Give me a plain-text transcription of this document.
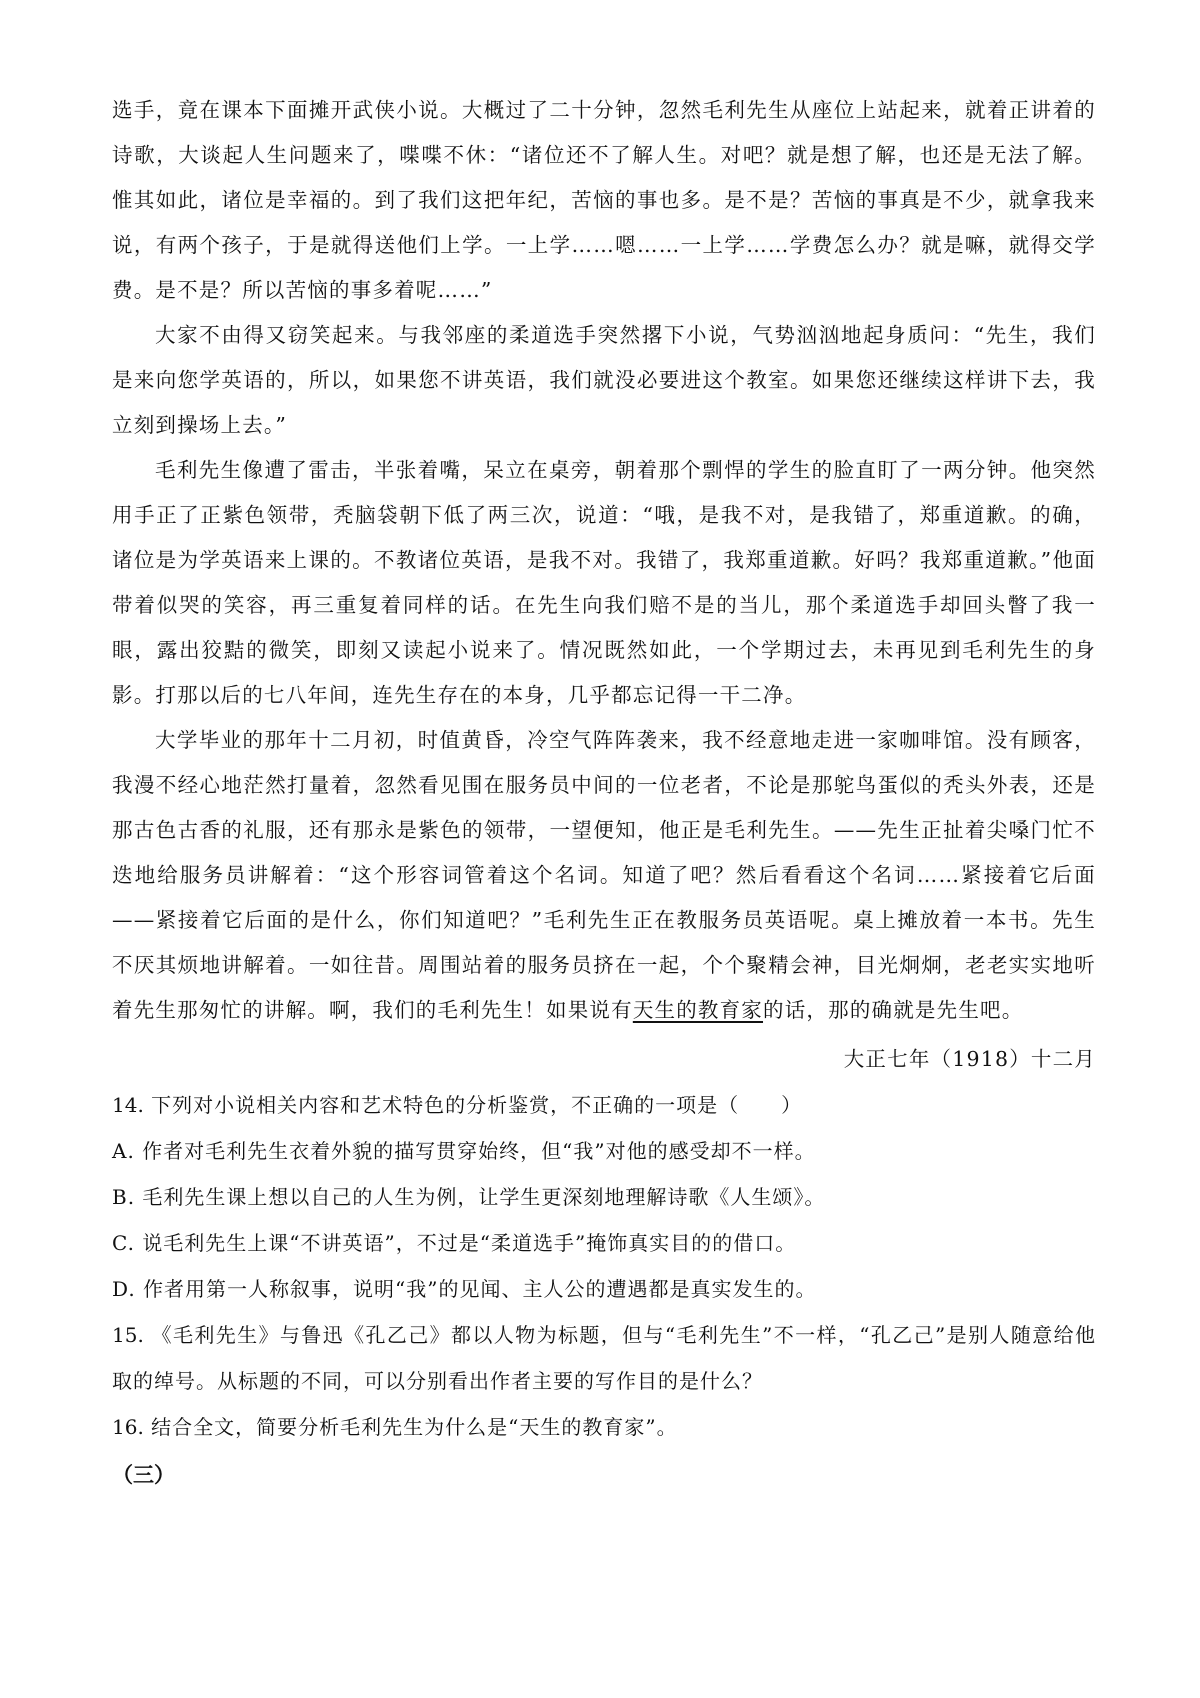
选手，竟在课本下面摊开武侠小说。大概过了二十分钟，忽然毛利先生从座位上站起来，就着正讲着的诗歌，大谈起人生问题来了，喋喋不休：“诸位还不了解人生。对吧？就是想了解，也还是无法了解。惟其如此，诸位是幸福的。到了我们这把年纪，苦恼的事也多。是不是？苦恼的事真是不少，就拿我来说，有两个孩子，于是就得送他们上学。一上学……嗯……一上学……学费怎么办？就是嘛，就得交学费。是不是？所以苦恼的事多着呢……”

大家不由得又窃笑起来。与我邻座的柔道选手突然撂下小说，气势汹汹地起身质问：“先生，我们是来向您学英语的，所以，如果您不讲英语，我们就没必要进这个教室。如果您还继续这样讲下去，我立刻到操场上去。”

毛利先生像遭了雷击，半张着嘴，呆立在桌旁，朝着那个剽悍的学生的脸直盯了一两分钟。他突然用手正了正紫色领带，秃脑袋朝下低了两三次，说道：“哦，是我不对，是我错了，郑重道歉。的确，诸位是为学英语来上课的。不教诸位英语，是我不对。我错了，我郑重道歉。好吗？我郑重道歉。”他面带着似哭的笑容，再三重复着同样的话。在先生向我们赔不是的当儿，那个柔道选手却回头瞥了我一眼，露出狡黠的微笑，即刻又读起小说来了。情况既然如此，一个学期过去，未再见到毛利先生的身影。打那以后的七八年间，连先生存在的本身，几乎都忘记得一干二净。

大学毕业的那年十二月初，时值黄昏，冷空气阵阵袭来，我不经意地走进一家咖啡馆。没有顾客，我漫不经心地茫然打量着，忽然看见围在服务员中间的一位老者，不论是那鸵鸟蛋似的秃头外表，还是那古色古香的礼服，还有那永是紫色的领带，一望便知，他正是毛利先生。——先生正扯着尖嗓门忙不迭地给服务员讲解着：“这个形容词管着这个名词。知道了吧？然后看看这个名词……紧接着它后面——紧接着它后面的是什么，你们知道吧？”毛利先生正在教服务员英语呢。桌上摊放着一本书。先生不厌其烦地讲解着。一如往昔。周围站着的服务员挤在一起，个个聚精会神，目光炯炯，老老实实地听着先生那匆忙的讲解。啊，我们的毛利先生！如果说有天生的教育家的话，那的确就是先生吧。

大正七年（1918）十二月

14. 下列对小说相关内容和艺术特色的分析鉴赏，不正确的一项是（　　）

A. 作者对毛利先生衣着外貌的描写贯穿始终，但“我”对他的感受却不一样。

B. 毛利先生课上想以自己的人生为例，让学生更深刻地理解诗歌《人生颂》。

C. 说毛利先生上课“不讲英语”，不过是“柔道选手”掩饰真实目的的借口。

D. 作者用第一人称叙事，说明“我”的见闻、主人公的遭遇都是真实发生的。

15. 《毛利先生》与鲁迅《孔乙己》都以人物为标题，但与“毛利先生”不一样，“孔乙己”是别人随意给他取的绰号。从标题的不同，可以分别看出作者主要的写作目的是什么？

16. 结合全文，简要分析毛利先生为什么是“天生的教育家”。

（三）
